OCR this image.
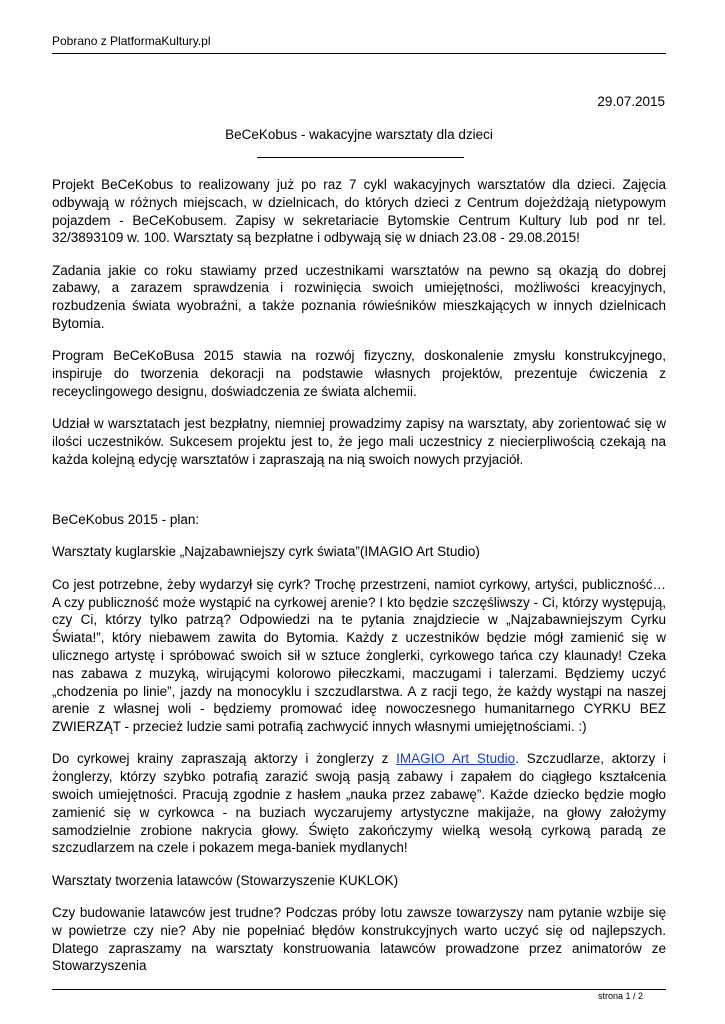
Pobrano z PlatformaKultury.pl
29.07.2015
BeCeKobus - wakacyjne warsztaty dla dzieci

Projekt BeCeKobus to realizowany już po raz 7 cykl wakacyjnych warsztatów dla dzieci. Zajęcia odbywają w różnych miejscach, w dzielnicach, do których dzieci z Centrum dojeżdżają nietypowym pojazdem - BeCeKobusem. Zapisy w sekretariacie Bytomskie Centrum Kultury lub pod nr tel. 32/3893109 w. 100. Warsztaty są bezpłatne i odbywają się w dniach 23.08 - 29.08.2015!

Zadania jakie co roku stawiamy przed uczestnikami warsztatów na pewno są okazją do dobrej zabawy, a zarazem sprawdzenia i rozwinięcia swoich umiejętności, możliwości kreacyjnych, rozbudzenia świata wyobraźni, a także poznania rówieśników mieszkających w innych dzielnicach Bytomia.

Program BeCeKoBusa 2015 stawia na rozwój fizyczny, doskonalenie zmysłu konstrukcyjnego, inspiruje do tworzenia dekoracji na podstawie własnych projektów, prezentuje ćwiczenia z receyclingowego designu, doświadczenia ze świata alchemii.

Udział w warsztatach jest bezpłatny, niemniej prowadzimy zapisy na warsztaty, aby zorientować się w ilości uczestników. Sukcesem projektu jest to, że jego mali uczestnicy z niecierpliwością czekają na każda kolejną edycję warsztatów i zapraszają na nią swoich nowych przyjaciół.

BeCeKobus 2015 - plan:

Warsztaty kuglarskie „Najzabawniejszy cyrk świata”(IMAGIO Art Studio)

Co jest potrzebne, żeby wydarzył się cyrk? Trochę przestrzeni, namiot cyrkowy, artyści, publiczność… A czy publiczność może wystąpić na cyrkowej arenie? I kto będzie szczęśliwszy - Ci, którzy występują, czy Ci, którzy tylko patrzą? Odpowiedzi na te pytania znajdziecie w „Najzabawniejszym Cyrku Świata!”, który niebawem zawita do Bytomia. Każdy z uczestników będzie mógł zamienić się w ulicznego artystę i spróbować swoich sił w sztuce żonglerki, cyrkowego tańca czy klaunady! Czeka nas zabawa z muzyką, wirującymi kolorowo piłeczkami, maczugami i talerzami. Będziemy uczyć „chodzenia po linie”, jazdy na monocyklu i szczudlarstwa. A z racji tego, że każdy wystąpi na naszej arenie z własnej woli - będziemy promować ideę nowoczesnego humanitarnego CYRKU BEZ ZWIERZĄT - przecież ludzie sami potrafią zachwycić innych własnymi umiejętnościami. :)

Do cyrkowej krainy zapraszają aktorzy i żonglerzy z IMAGIO Art Studio. Szczudlarze, aktorzy i żonglerzy, którzy szybko potrafią zarazić swoją pasją zabawy i zapałem do ciągłego kształcenia swoich umiejętności. Pracują zgodnie z hasłem „nauka przez zabawę”. Każde dziecko będzie mogło zamienić się w cyrkowca - na buziach wyczarujemy artystyczne makijaże, na głowy założymy samodzielnie zrobione nakrycia głowy. Święto zakończymy wielką wesołą cyrkową paradą ze szczudlarzem na czele i pokazem mega-baniek mydlanych!

Warsztaty tworzenia latawców (Stowarzyszenie KUKLOK)

Czy budowanie latawców jest trudne? Podczas próby lotu zawsze towarzyszy nam pytanie wzbije się w powietrze czy nie? Aby nie popełniać błędów konstrukcyjnych warto uczyć się od najlepszych. Dlatego zapraszamy na warsztaty konstruowania latawców prowadzone przez animatorów ze Stowarzyszenia

strona 1 / 2
